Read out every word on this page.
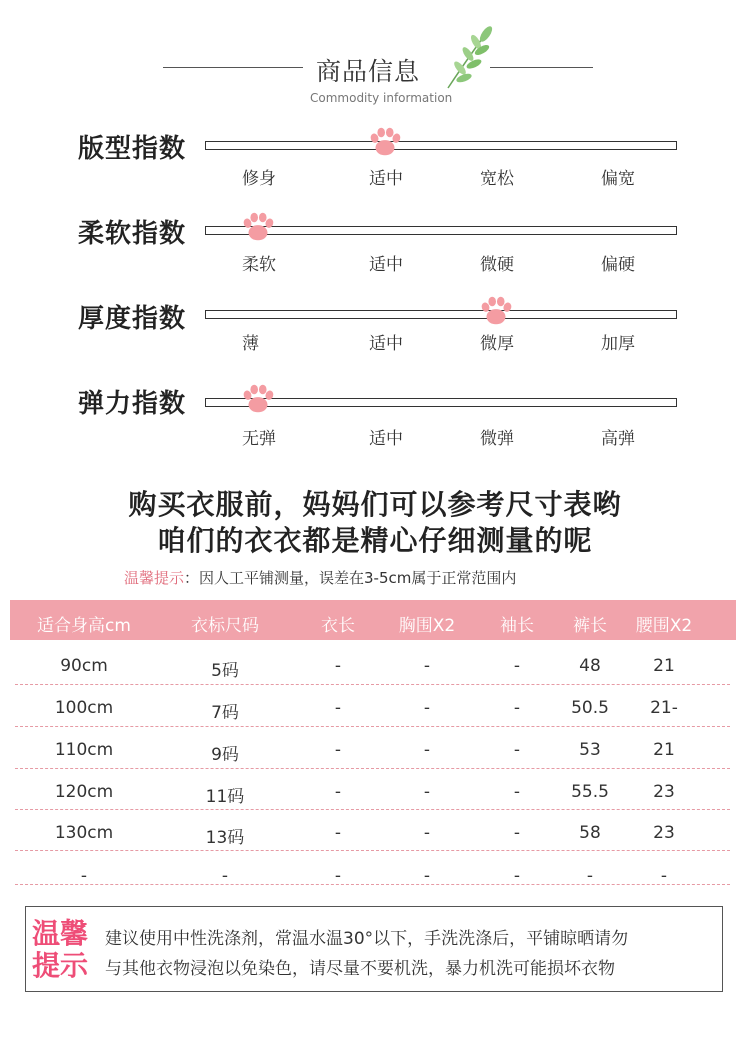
商品信息
Commodity information
版型指数
修身	适中	宽松	偏宽
柔软指数
柔软	适中	微硬	偏硬
厚度指数
薄	适中	微厚	加厚
弹力指数
无弹	适中	微弹	高弹
购买衣服前，妈妈们可以参考尺寸表哟
咱们的衣衣都是精心仔细测量的呢
温馨提示：因人工平铺测量，误差在3-5cm属于正常范围内
适合身高cm	衣标尺码	衣长	胸围X2	袖长	裤长	腰围X2
90cm	5码	-	-	-	48	21
100cm	7码	-	-	-	50.5	21-
110cm	9码	-	-	-	53	21
120cm	11码	-	-	-	55.5	23
130cm	13码	-	-	-	58	23
-	-	-	-	-	-	-
温馨
提示
建议使用中性洗涤剂，常温水温30°以下，手洗洗涤后，平铺晾晒请勿
与其他衣物浸泡以免染色，请尽量不要机洗，暴力机洗可能损坏衣物
